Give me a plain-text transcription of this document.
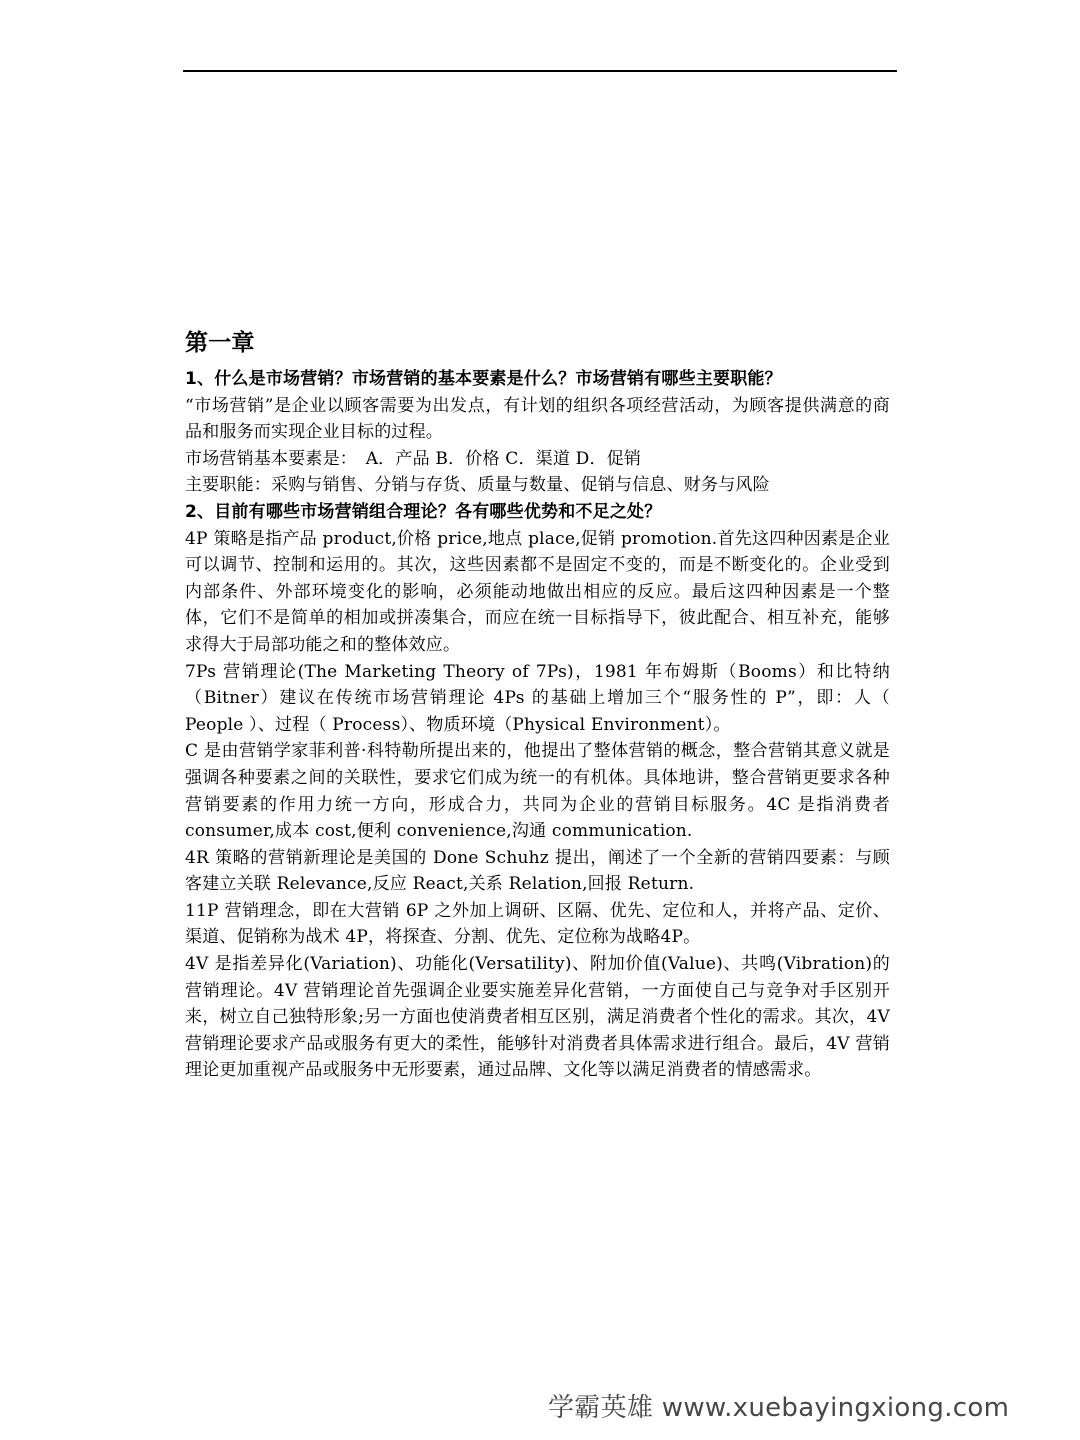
第一章
1、什么是市场营销？市场营销的基本要素是什么？市场营销有哪些主要职能？

“市场营销”是企业以顾客需要为出发点，有计划的组织各项经营活动，为顾客提供满意的商品和服务而实现企业目标的过程。

市场营销基本要素是：　A．产品 B．价格 C．渠道 D．促销

主要职能：采购与销售、分销与存货、质量与数量、促销与信息、财务与风险

2、目前有哪些市场营销组合理论？各有哪些优势和不足之处？

4P 策略是指产品 product,价格 price,地点 place,促销 promotion.首先这四种因素是企业可以调节、控制和运用的。其次，这些因素都不是固定不变的，而是不断变化的。企业受到内部条件、外部环境变化的影响，必须能动地做出相应的反应。最后这四种因素是一个整体，它们不是简单的相加或拼凑集合，而应在统一目标指导下，彼此配合、相互补充，能够求得大于局部功能之和的整体效应。

7Ps 营销理论(The Marketing Theory of 7Ps)，1981 年布姆斯（Booms）和比特纳（Bitner）建议在传统市场营销理论 4Ps 的基础上增加三个“服务性的 P”，即：人（ People ）、过程（ Process）、物质环境（Physical Environment）。

C 是由营销学家菲利普·科特勒所提出来的，他提出了整体营销的概念，整合营销其意义就是强调各种要素之间的关联性，要求它们成为统一的有机体。具体地讲，整合营销更要求各种营销要素的作用力统一方向，形成合力，共同为企业的营销目标服务。4C 是指消费者 consumer,成本 cost,便利 convenience,沟通 communication.

4R 策略的营销新理论是美国的 Done Schuhz 提出，阐述了一个全新的营销四要素：与顾客建立关联 Relevance,反应 React,关系 Relation,回报 Return.

11P 营销理念，即在大营销 6P 之外加上调研、区隔、优先、定位和人，并将产品、定价、渠道、促销称为战术 4P，将探查、分割、优先、定位称为战略4P。

4V 是指差异化(Variation)、功能化(Versatility)、附加价值(Value)、共鸣(Vibration)的营销理论。4V 营销理论首先强调企业要实施差异化营销，一方面使自己与竞争对手区别开来，树立自己独特形象;另一方面也使消费者相互区别，满足消费者个性化的需求。其次，4V 营销理论要求产品或服务有更大的柔性，能够针对消费者具体需求进行组合。最后，4V 营销理论更加重视产品或服务中无形要素，通过品牌、文化等以满足消费者的情感需求。

学霸英雄 www.xuebayingxiong.com
